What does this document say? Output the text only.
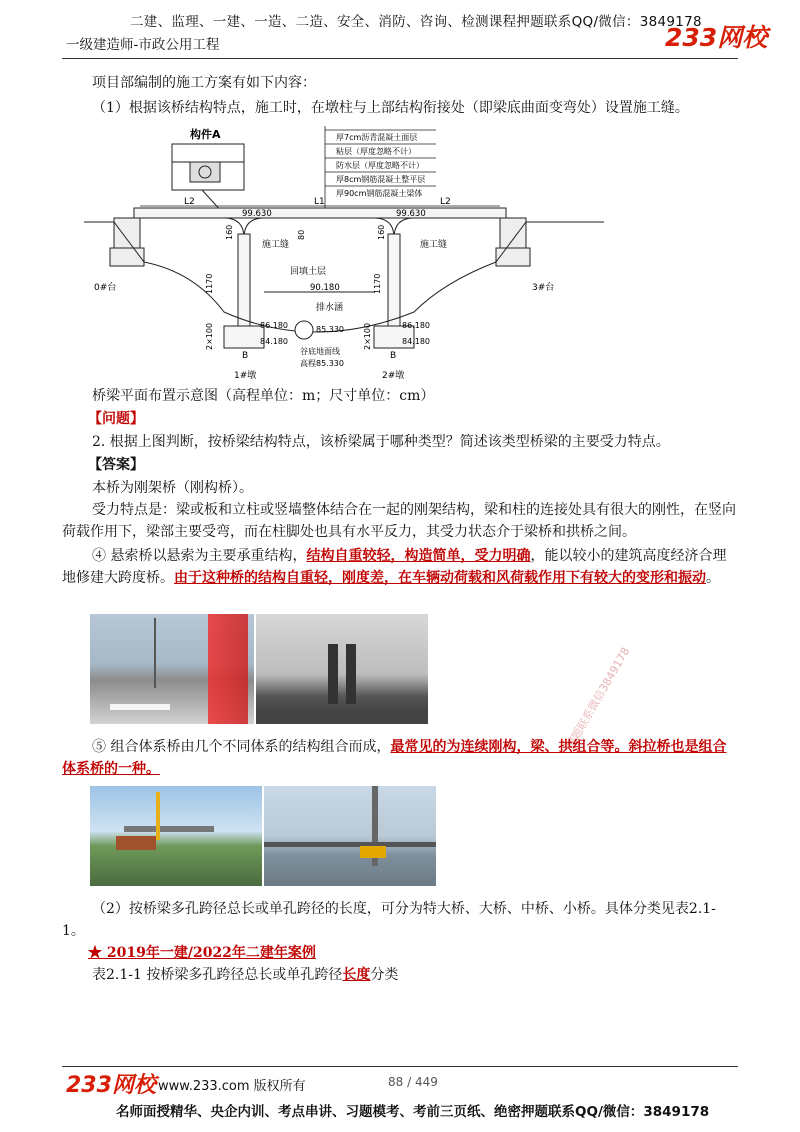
二建、监理、一建、一造、二造、安全、消防、咨询、检测课程押题联系QQ/微信：3849178
一级建造师-市政公用工程	233网校
项目部编制的施工方案有如下内容：
（1）根据该桥结构特点，施工时，在墩柱与上部结构衔接处（即梁底曲面变弯处）设置施工缝。
构件A	厚7cm沥青混凝土面层
粘层（厚度忽略不计）
防水层（厚度忽略不计）
厚8cm钢筋混凝土整平层
厚90cm钢筋混凝土梁体
L2	L1	L2
99.630	99.630
160	80	160
施工缝	施工缝
0#台	3#台
回填土层
90.180
排水涵
1170	1170
86.180	85.330	86.180
84.180	84.180
2×100	2×100
B	B
谷底地面线
高程85.330
1#墩	2#墩
桥梁平面布置示意图（高程单位：m；尺寸单位：cm）
【问题】
2. 根据上图判断，按桥梁结构特点，该桥梁属于哪种类型？简述该类型桥梁的主要受力特点。
【答案】
本桥为刚架桥（刚构桥）。
受力特点是：梁或板和立柱或竖墙整体结合在一起的刚架结构，梁和柱的连接处具有很大的刚性，在竖向荷载作用下，梁部主要受弯，而在柱脚处也具有水平反力，其受力状态介于梁桥和拱桥之间。
④ 悬索桥以悬索为主要承重结构，结构自重较轻，构造简单，受力明确，能以较小的建筑高度经济合理地修建大跨度桥。由于这种桥的结构自重轻，刚度差，在车辆动荷载和风荷载作用下有较大的变形和振动。
押题联系微信3849178
⑤ 组合体系桥由几个不同体系的结构组合而成，最常见的为连续刚构，梁、拱组合等。斜拉桥也是组合体系桥的一种。
（2）按桥梁多孔跨径总长或单孔跨径的长度，可分为特大桥、大桥、中桥、小桥。具体分类见表2.1-1。
★ 2019年一建/2022年二建年案例
表2.1-1 按桥梁多孔跨径总长或单孔跨径长度分类
233网校 www.233.com 版权所有	88 / 449
名师面授精华、央企内训、考点串讲、习题模考、考前三页纸、绝密押题联系QQ/微信：3849178
